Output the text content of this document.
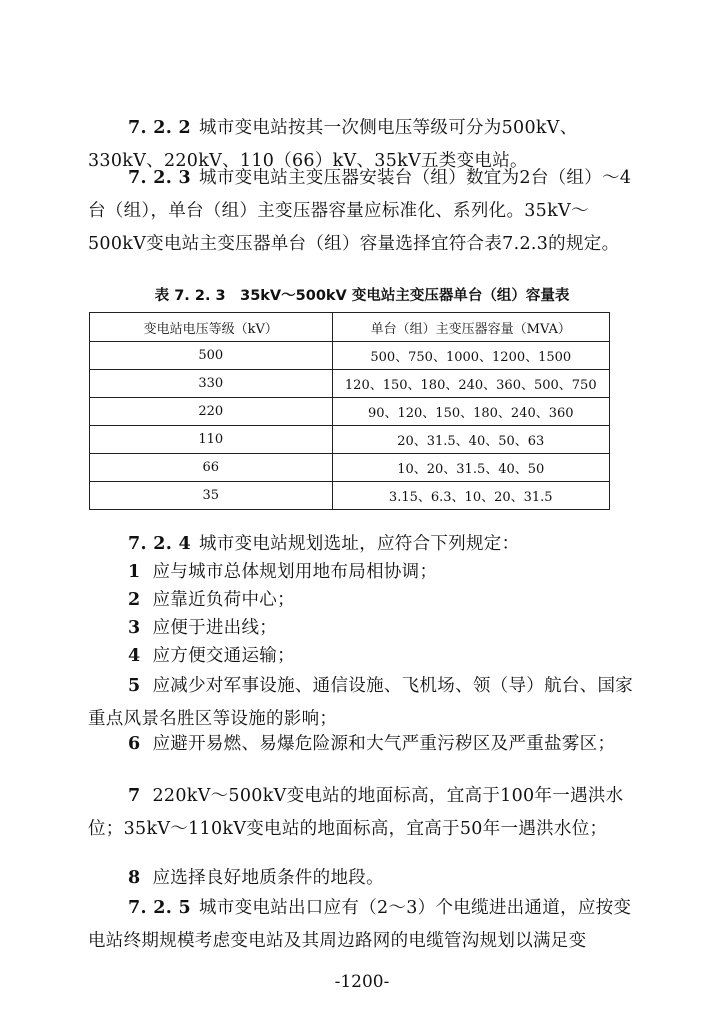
7. 2. 2 城市变电站按其一次侧电压等级可分为500kV、330kV、220kV、110（66）kV、35kV五类变电站。
7. 2. 3 城市变电站主变压器安装台（组）数宜为2台（组）～4台（组），单台（组）主变压器容量应标准化、系列化。35kV～500kV变电站主变压器单台（组）容量选择宜符合表7.2.3的规定。
表 7. 2. 3　35kV～500kV 变电站主变压器单台（组）容量表
变电站电压等级（kV）	单台（组）主变压器容量（MVA）
500	500、750、1000、1200、1500
330	120、150、180、240、360、500、750
220	90、120、150、180、240、360
110	20、31.5、40、50、63
66	10、20、31.5、40、50
35	3.15、6.3、10、20、31.5
7. 2. 4 城市变电站规划选址，应符合下列规定：
1 应与城市总体规划用地布局相协调；
2 应靠近负荷中心；
3 应便于进出线；
4 应方便交通运输；
5 应减少对军事设施、通信设施、飞机场、领（导）航台、国家重点风景名胜区等设施的影响；
6 应避开易燃、易爆危险源和大气严重污秽区及严重盐雾区；
7 220kV～500kV变电站的地面标高，宜高于100年一遇洪水位；35kV～110kV变电站的地面标高，宜高于50年一遇洪水位；
8 应选择良好地质条件的地段。
7. 2. 5 城市变电站出口应有（2～3）个电缆进出通道，应按变电站终期规模考虑变电站及其周边路网的电缆管沟规划以满足变
-1200-
